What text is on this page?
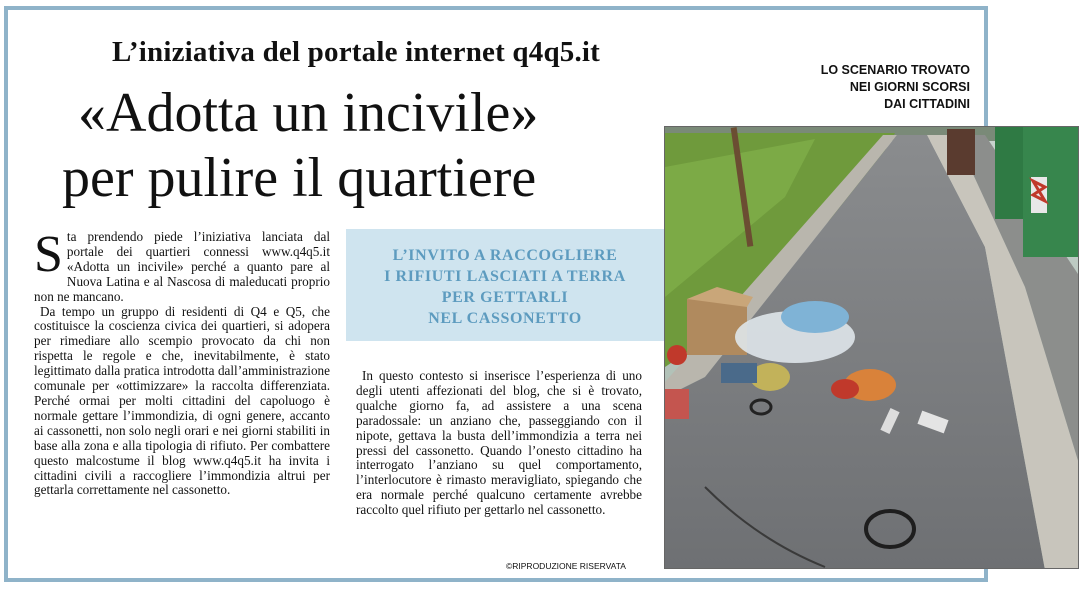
L’iniziativa del portale internet q4q5.it
«Adotta un incivile»
per pulire il quartiere
LO SCENARIO TROVATO
NEI GIORNI SCORSI
DAI CITTADINI
S ta prendendo piede l’iniziativa lanciata dal portale dei quartieri connessi www.q4q5.it «Adotta un incivile» perché a quanto pare al Nuova Latina e al Nascosa di maleducati proprio non ne mancano.

Da tempo un gruppo di residenti di Q4 e Q5, che costituisce la coscienza civica dei quartieri, si adopera per rimediare allo scempio provocato da chi non rispetta le regole e che, inevitabilmente, è stato legittimato dalla pratica introdotta dall’amministrazione comunale per «ottimizzare» la raccolta differenziata. Perché ormai per molti cittadini del capoluogo è normale gettare l’immondizia, di ogni genere, accanto ai cassonetti, non solo negli orari e nei giorni stabiliti in base alla zona e alla tipologia di rifiuto. Per combattere questo malcostume il blog www.q4q5.it ha invita i cittadini civili a raccogliere l’immondizia altrui per gettarla correttamente nel cassonetto.

L’INVITO A RACCOGLIERE
I RIFIUTI LASCIATI A TERRA
PER GETTARLI
NEL CASSONETTO

In questo contesto si inserisce l’esperienza di uno degli utenti affezionati del blog, che si è trovato, qualche giorno fa, ad assistere a una scena paradossale: un anziano che, passeggiando con il nipote, gettava la busta dell’immondizia a terra nei pressi del cassonetto. Quando l’onesto cittadino ha interrogato l’anziano su quel comportamento, l’interlocutore è rimasto meravigliato, spiegando che era normale perché qualcuno certamente avrebbe raccolto quel rifiuto per gettarlo nel cassonetto.

©RIPRODUZIONE RISERVATA
